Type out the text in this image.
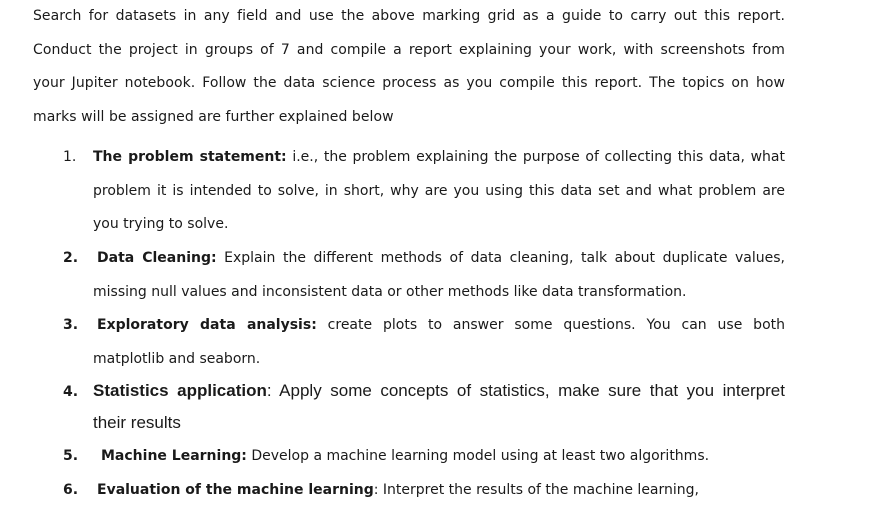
Search for datasets in any field and use the above marking grid as a guide to carry out this report.
Conduct the project in groups of 7 and compile a report explaining your work, with screenshots from
your Jupiter notebook. Follow the data science process as you compile this report. The topics on how
marks will be assigned are further explained below
1. The problem statement: i.e., the problem explaining the purpose of collecting this data, what
problem it is intended to solve, in short, why are you using this data set and what problem are
you trying to solve.
2. Data Cleaning: Explain the different methods of data cleaning, talk about duplicate values,
missing null values and inconsistent data or other methods like data transformation.
3. Exploratory data analysis: create plots to answer some questions. You can use both
matplotlib and seaborn.
4. Statistics application: Apply some concepts of statistics, make sure that you interpret
their results
5. Machine Learning: Develop a machine learning model using at least two algorithms.
6. Evaluation of the machine learning: Interpret the results of the machine learning,
